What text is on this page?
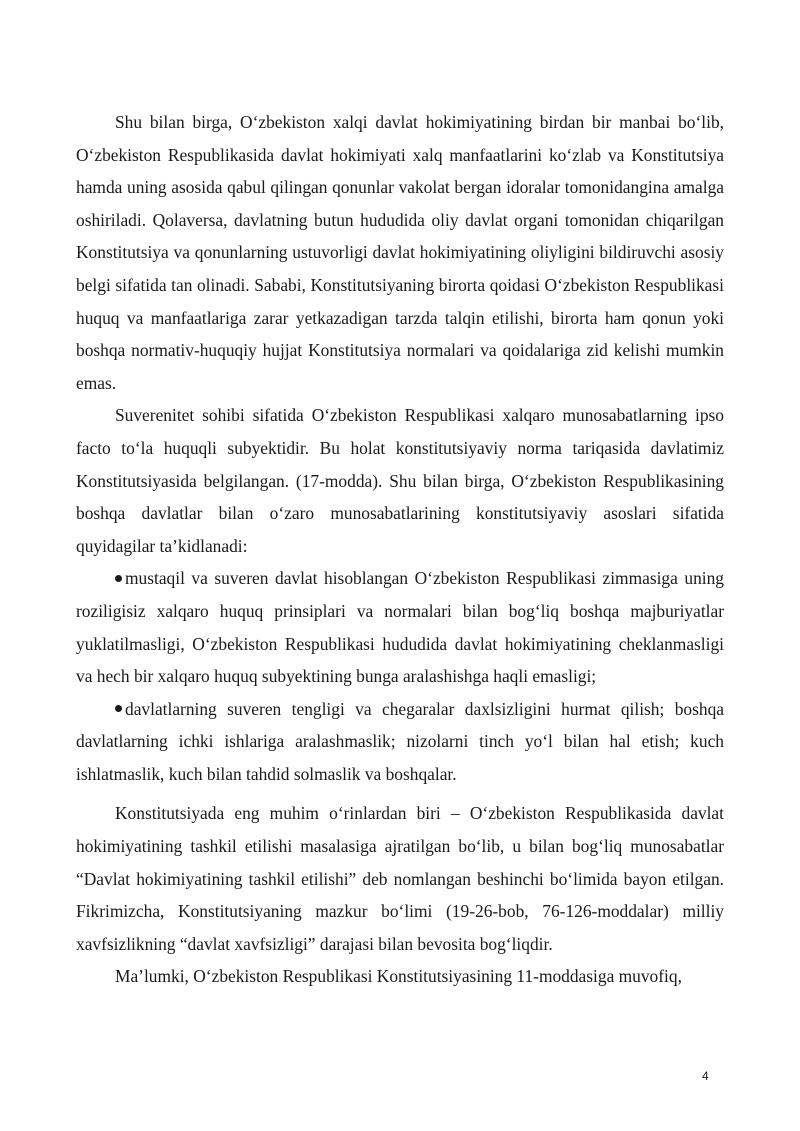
Shu bilan birga, O‘zbekiston xalqi davlat hokimiyatining birdan bir manbai bo‘lib, O‘zbekiston Respublikasida davlat hokimiyati xalq manfaatlarini ko‘zlab va Konstitutsiya hamda uning asosida qabul qilingan qonunlar vakolat bergan idoralar tomonidangina amalga oshiriladi. Qolaversa, davlatning butun hududida oliy davlat organi tomonidan chiqarilgan Konstitutsiya va qonunlarning ustuvorligi davlat hokimiyatining oliyligini bildiruvchi asosiy belgi sifatida tan olinadi. Sababi, Konstitutsiyaning birorta qoidasi O‘zbekiston Respublikasi huquq va manfaatlariga zarar yetkazadigan tarzda talqin etilishi, birorta ham qonun yoki boshqa normativ-huquqiy hujjat Konstitutsiya normalari va qoidalariga zid kelishi mumkin emas.

Suverenitet sohibi sifatida O‘zbekiston Respublikasi xalqaro munosabatlarning ipso facto to‘la huquqli subyektidir. Bu holat konstitutsiyaviy norma tariqasida davlatimiz Konstitutsiyasida belgilangan. (17-modda). Shu bilan birga, O‘zbekiston Respublikasining boshqa davlatlar bilan o‘zaro munosabatlarining konstitutsiyaviy asoslari sifatida quyidagilar ta’kidlanadi:

mustaqil va suveren davlat hisoblangan O‘zbekiston Respublikasi zimmasiga uning roziligisiz xalqaro huquq prinsiplari va normalari bilan bog‘liq boshqa majburiyatlar yuklatilmasligi, O‘zbekiston Respublikasi hududida davlat hokimiyatining cheklanmasligi va hech bir xalqaro huquq subyektining bunga aralashishga haqli emasligi;

davlatlarning suveren tengligi va chegaralar daxlsizligini hurmat qilish; boshqa davlatlarning ichki ishlariga aralashmaslik; nizolarni tinch yo‘l bilan hal etish; kuch ishlatmaslik, kuch bilan tahdid solmaslik va boshqalar.

Konstitutsiyada eng muhim o‘rinlardan biri – O‘zbekiston Respublikasida davlat hokimiyatining tashkil etilishi masalasiga ajratilgan bo‘lib, u bilan bog‘liq munosabatlar “Davlat hokimiyatining tashkil etilishi” deb nomlangan beshinchi bo‘limida bayon etilgan. Fikrimizcha, Konstitutsiyaning mazkur bo‘limi (19-26-bob, 76-126-moddalar) milliy xavfsizlikning “davlat xavfsizligi” darajasi bilan bevosita bog‘liqdir.

Ma’lumki, O‘zbekiston Respublikasi Konstitutsiyasining 11-moddasiga muvofiq,

4
